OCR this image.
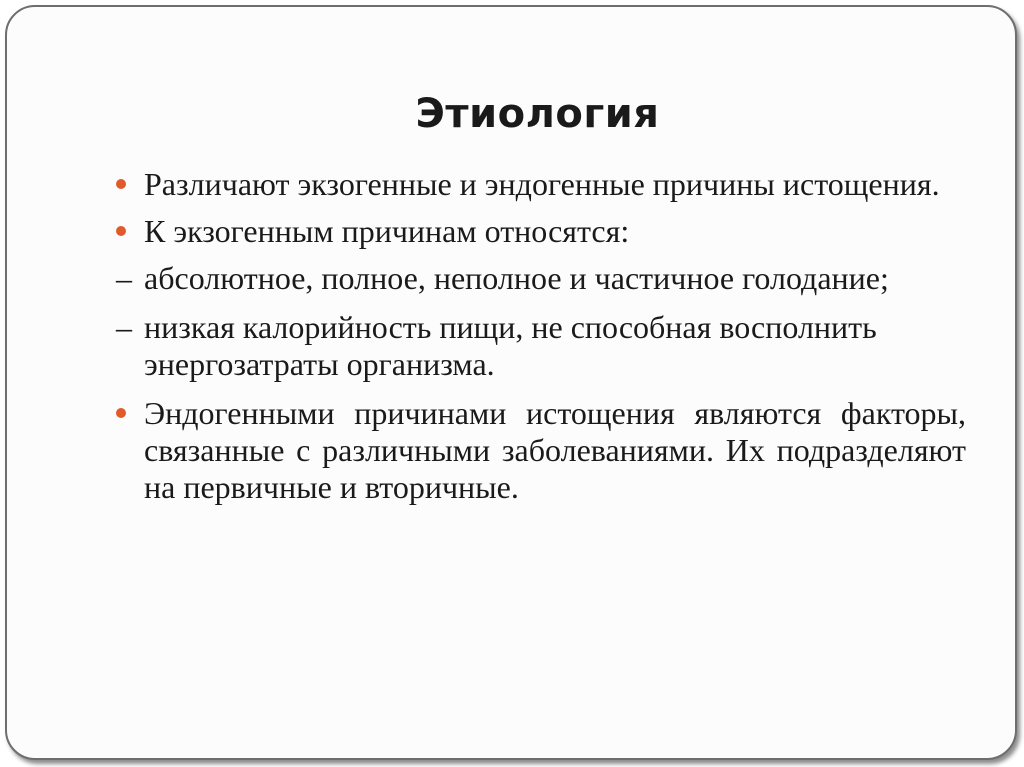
Этиология
Различают экзогенные и эндогенные причины истощения.
К экзогенным причинам относятся:
– абсолютное, полное, неполное и частичное голодание;
– низкая калорийность пищи, не способная восполнить энергозатраты организма.
Эндогенными причинами истощения являются факторы, связанные с различными заболеваниями. Их подразделяют на первичные и вторичные.
